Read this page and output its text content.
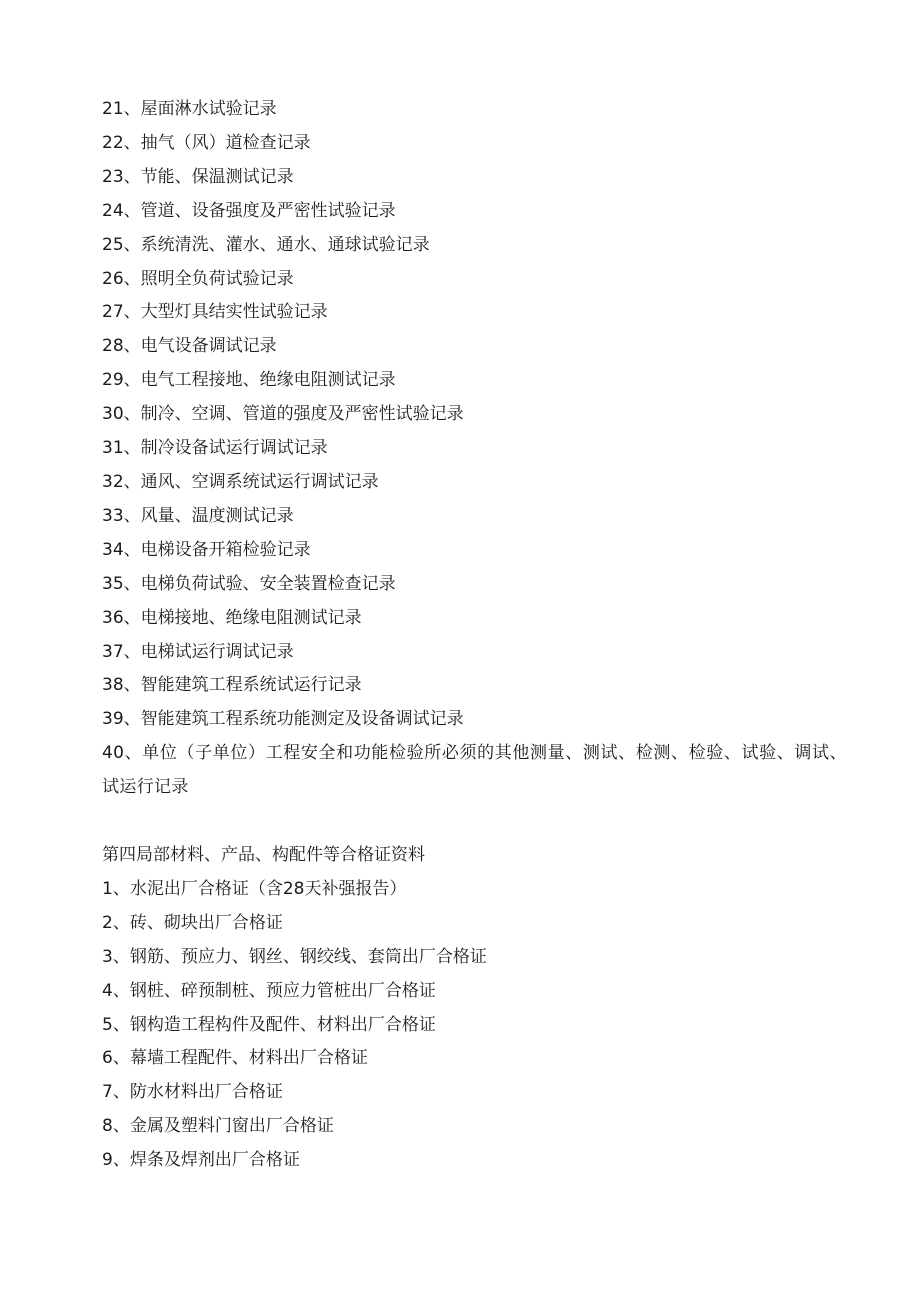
21、屋面淋水试验记录
22、抽气（风）道检查记录
23、节能、保温测试记录
24、管道、设备强度及严密性试验记录
25、系统清洗、灌水、通水、通球试验记录
26、照明全负荷试验记录
27、大型灯具结实性试验记录
28、电气设备调试记录
29、电气工程接地、绝缘电阻测试记录
30、制冷、空调、管道的强度及严密性试验记录
31、制冷设备试运行调试记录
32、通风、空调系统试运行调试记录
33、风量、温度测试记录
34、电梯设备开箱检验记录
35、电梯负荷试验、安全装置检查记录
36、电梯接地、绝缘电阻测试记录
37、电梯试运行调试记录
38、智能建筑工程系统试运行记录
39、智能建筑工程系统功能测定及设备调试记录
40、单位（子单位）工程安全和功能检验所必须的其他测量、测试、检测、检验、试验、调试、试运行记录
第四局部材料、产品、构配件等合格证资料
1、水泥出厂合格证（含28天补强报告）
2、砖、砌块出厂合格证
3、钢筋、预应力、钢丝、钢绞线、套筒出厂合格证
4、钢桩、碎预制桩、预应力管桩出厂合格证
5、钢构造工程构件及配件、材料出厂合格证
6、幕墙工程配件、材料出厂合格证
7、防水材料出厂合格证
8、金属及塑料门窗出厂合格证
9、焊条及焊剂出厂合格证
